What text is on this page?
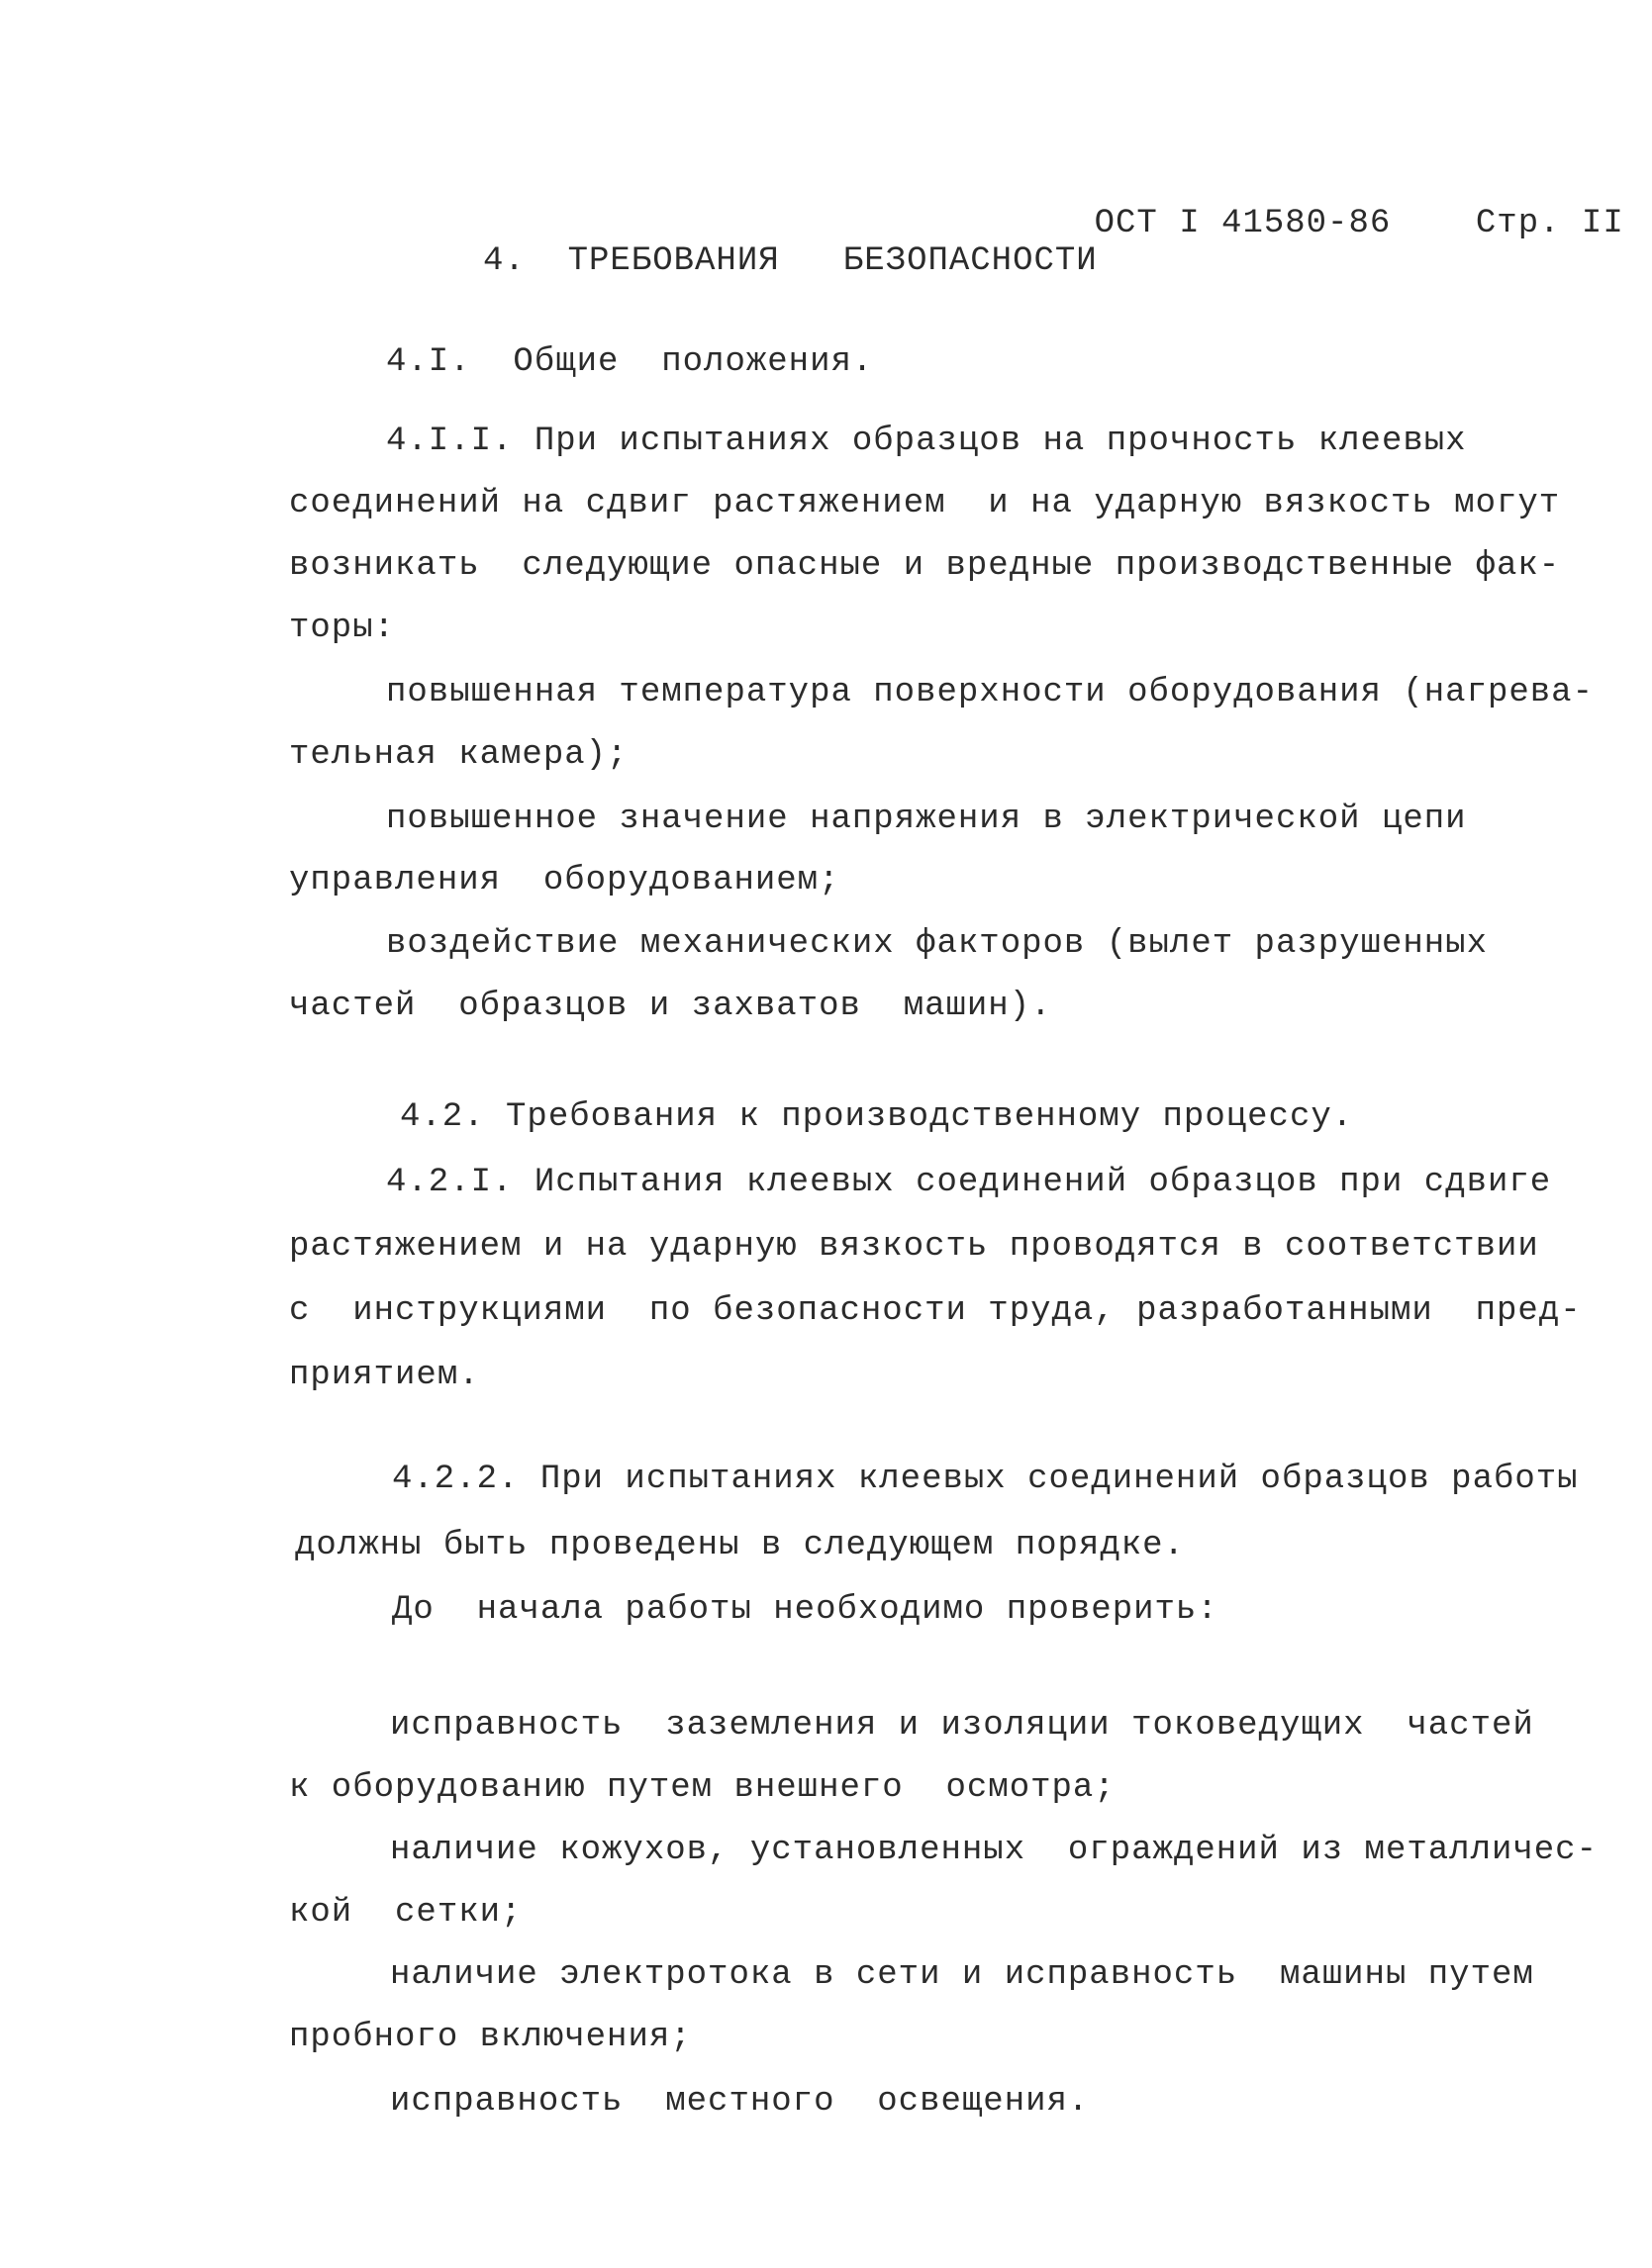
ОСТ I 41580-86	Стр. II

4.  ТРЕБОВАНИЯ   БЕЗОПАСНОСТИ
4.I.  Общие  положения.
4.I.I. При испытаниях образцов на прочность клеевых
соединений на сдвиг растяжением  и на ударную вязкость могут
возникать  следующие опасные и вредные производственные фак-
торы:
повышенная температура поверхности оборудования (нагрева-
тельная камера);
повышенное значение напряжения в электрической цепи
управления  оборудованием;
воздействие механических факторов (вылет разрушенных
частей  образцов и захватов  машин).
4.2. Требования к производственному процессу.
4.2.I. Испытания клеевых соединений образцов при сдвиге
растяжением и на ударную вязкость проводятся в соответствии
с  инструкциями  по безопасности труда, разработанными  пред-
приятием.
4.2.2. При испытаниях клеевых соединений образцов работы
должны быть проведены в следующем порядке.
До  начала работы необходимо проверить:
исправность  заземления и изоляции токоведущих  частей
к оборудованию путем внешнего  осмотра;
наличие кожухов, установленных  ограждений из металличес-
кой  сетки;
наличие электротока в сети и исправность  машины путем
пробного включения;
исправность  местного  освещения.
